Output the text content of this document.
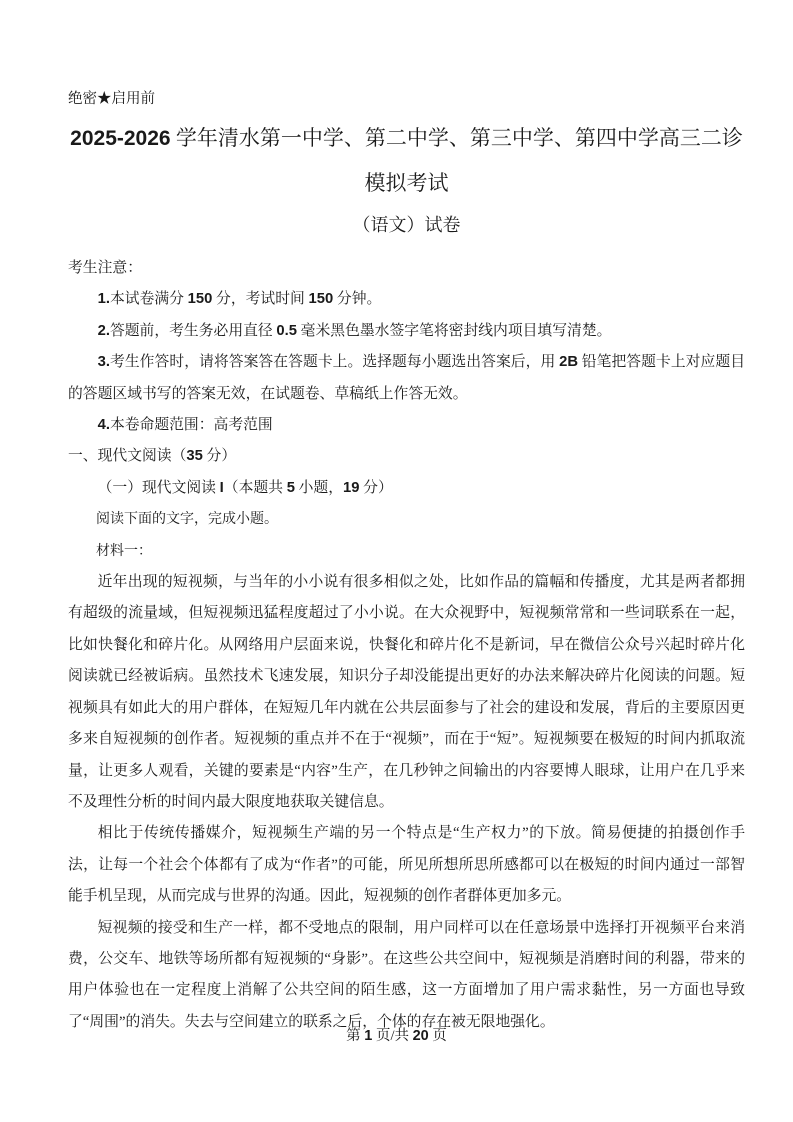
绝密★启用前
2025-2026 学年清水第一中学、第二中学、第三中学、第四中学高三二诊模拟考试
（语文）试卷
考生注意：
1.本试卷满分 150 分，考试时间 150 分钟。
2.答题前，考生务必用直径 0.5 毫米黑色墨水签字笔将密封线内项目填写清楚。
3.考生作答时，请将答案答在答题卡上。选择题每小题选出答案后，用 2B 铅笔把答题卡上对应题目的答题区域书写的答案无效，在试题卷、草稿纸上作答无效。
4.本卷命题范围：高考范围
一、现代文阅读（35 分）
（一）现代文阅读 I（本题共 5 小题，19 分）
阅读下面的文字，完成小题。
材料一：

近年出现的短视频，与当年的小小说有很多相似之处，比如作品的篇幅和传播度，尤其是两者都拥有超级的流量域，但短视频迅猛程度超过了小小说。在大众视野中，短视频常常和一些词联系在一起，比如快餐化和碎片化。从网络用户层面来说，快餐化和碎片化不是新词，早在微信公众号兴起时碎片化阅读就已经被诟病。虽然技术飞速发展，知识分子却没能提出更好的办法来解决碎片化阅读的问题。短视频具有如此大的用户群体，在短短几年内就在公共层面参与了社会的建设和发展，背后的主要原因更多来自短视频的创作者。短视频的重点并不在于“视频”，而在于“短”。短视频要在极短的时间内抓取流量，让更多人观看，关键的要素是“内容”生产，在几秒钟之间输出的内容要博人眼球，让用户在几乎来不及理性分析的时间内最大限度地获取关键信息。

相比于传统传播媒介，短视频生产端的另一个特点是“生产权力”的下放。简易便捷的拍摄创作手法，让每一个社会个体都有了成为“作者”的可能，所见所想所思所感都可以在极短的时间内通过一部智能手机呈现，从而完成与世界的沟通。因此，短视频的创作者群体更加多元。

短视频的接受和生产一样，都不受地点的限制，用户同样可以在任意场景中选择打开视频平台来消费，公交车、地铁等场所都有短视频的“身影”。在这些公共空间中，短视频是消磨时间的利器，带来的用户体验也在一定程度上消解了公共空间的陌生感，这一方面增加了用户需求黏性，另一方面也导致了“周围”的消失。失去与空间建立的联系之后，个体的存在被无限地强化。

第 1 页/共 20 页
